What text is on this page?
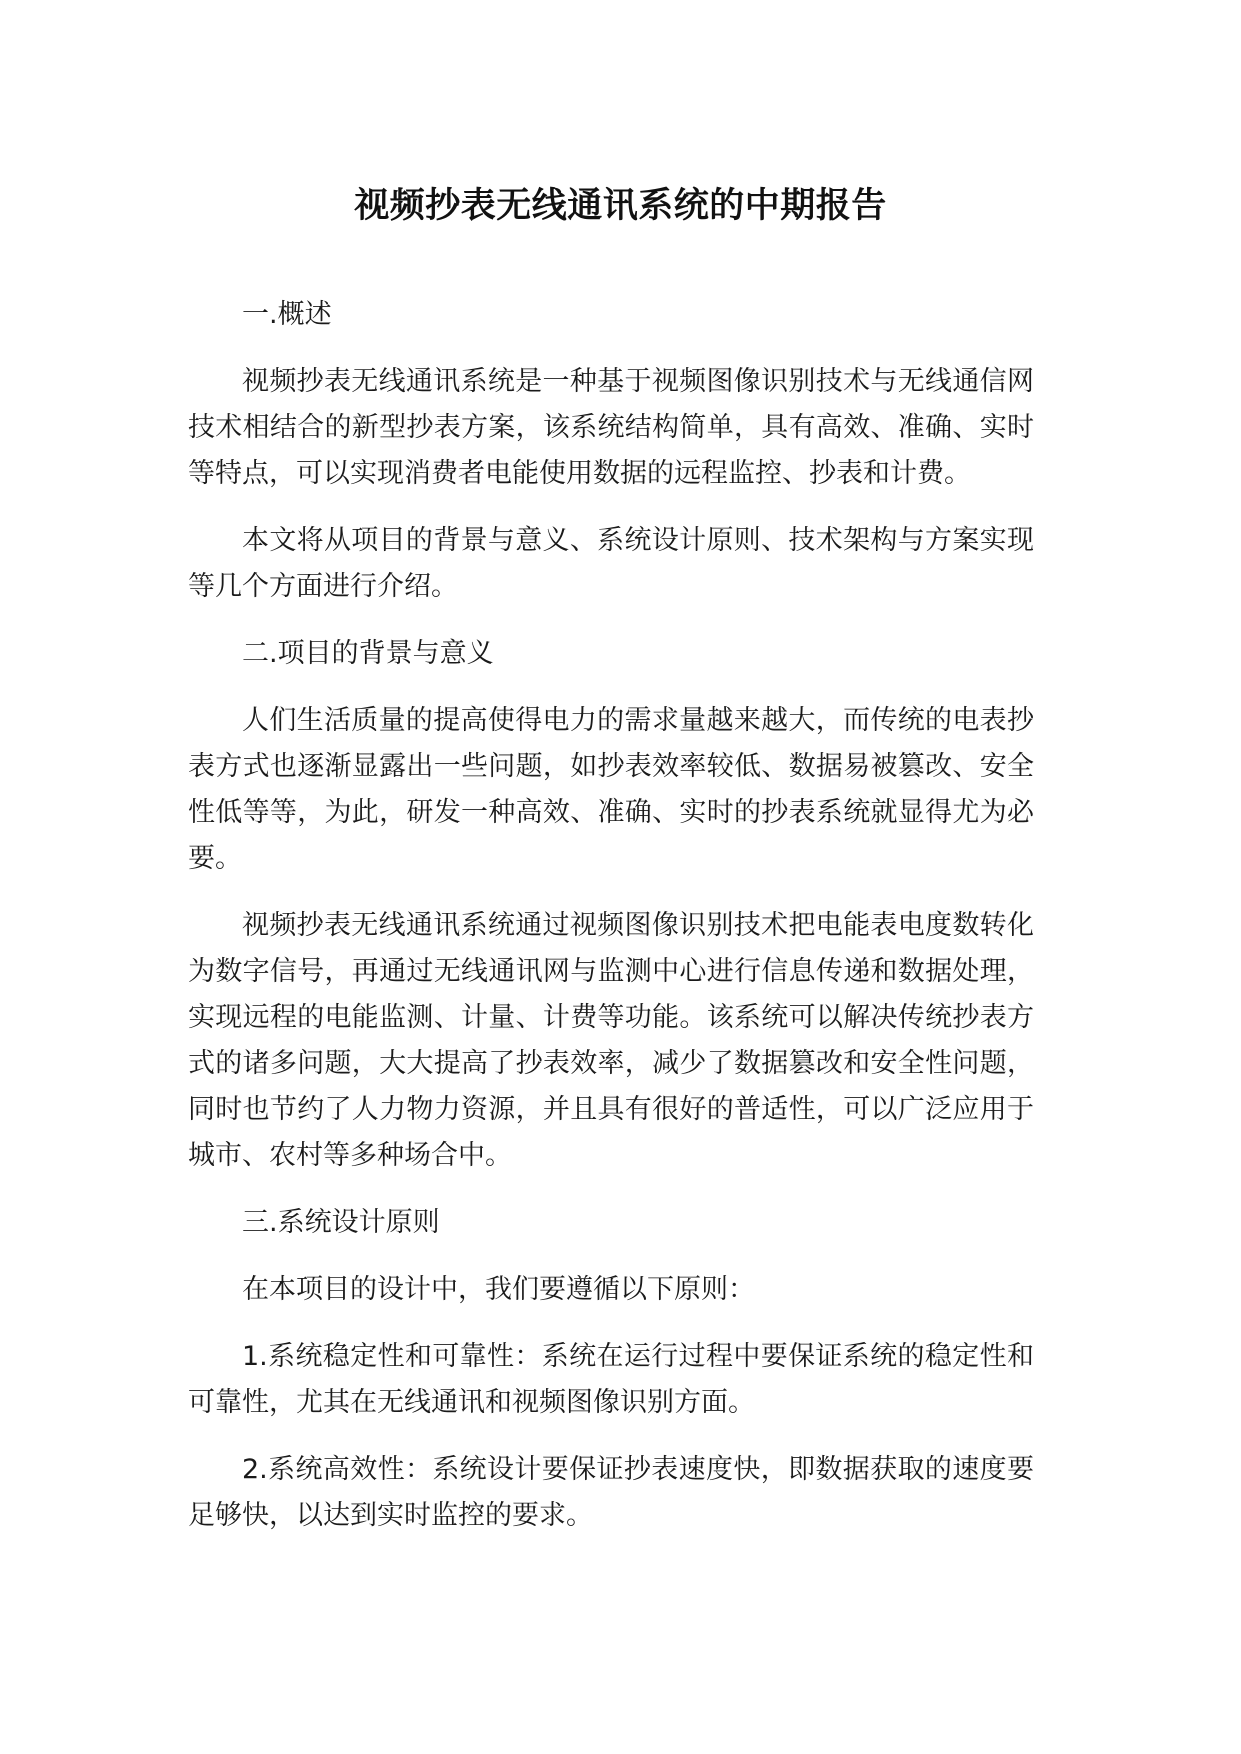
视频抄表无线通讯系统的中期报告

一.概述

视频抄表无线通讯系统是一种基于视频图像识别技术与无线通信网技术相结合的新型抄表方案，该系统结构简单，具有高效、准确、实时等特点，可以实现消费者电能使用数据的远程监控、抄表和计费。

本文将从项目的背景与意义、系统设计原则、技术架构与方案实现等几个方面进行介绍。

二.项目的背景与意义

人们生活质量的提高使得电力的需求量越来越大，而传统的电表抄表方式也逐渐显露出一些问题，如抄表效率较低、数据易被篡改、安全性低等等，为此，研发一种高效、准确、实时的抄表系统就显得尤为必要。

视频抄表无线通讯系统通过视频图像识别技术把电能表电度数转化为数字信号，再通过无线通讯网与监测中心进行信息传递和数据处理，实现远程的电能监测、计量、计费等功能。该系统可以解决传统抄表方式的诸多问题，大大提高了抄表效率，减少了数据篡改和安全性问题，同时也节约了人力物力资源，并且具有很好的普适性，可以广泛应用于城市、农村等多种场合中。

三.系统设计原则

在本项目的设计中，我们要遵循以下原则：

1.系统稳定性和可靠性：系统在运行过程中要保证系统的稳定性和可靠性，尤其在无线通讯和视频图像识别方面。

2.系统高效性：系统设计要保证抄表速度快，即数据获取的速度要足够快，以达到实时监控的要求。
